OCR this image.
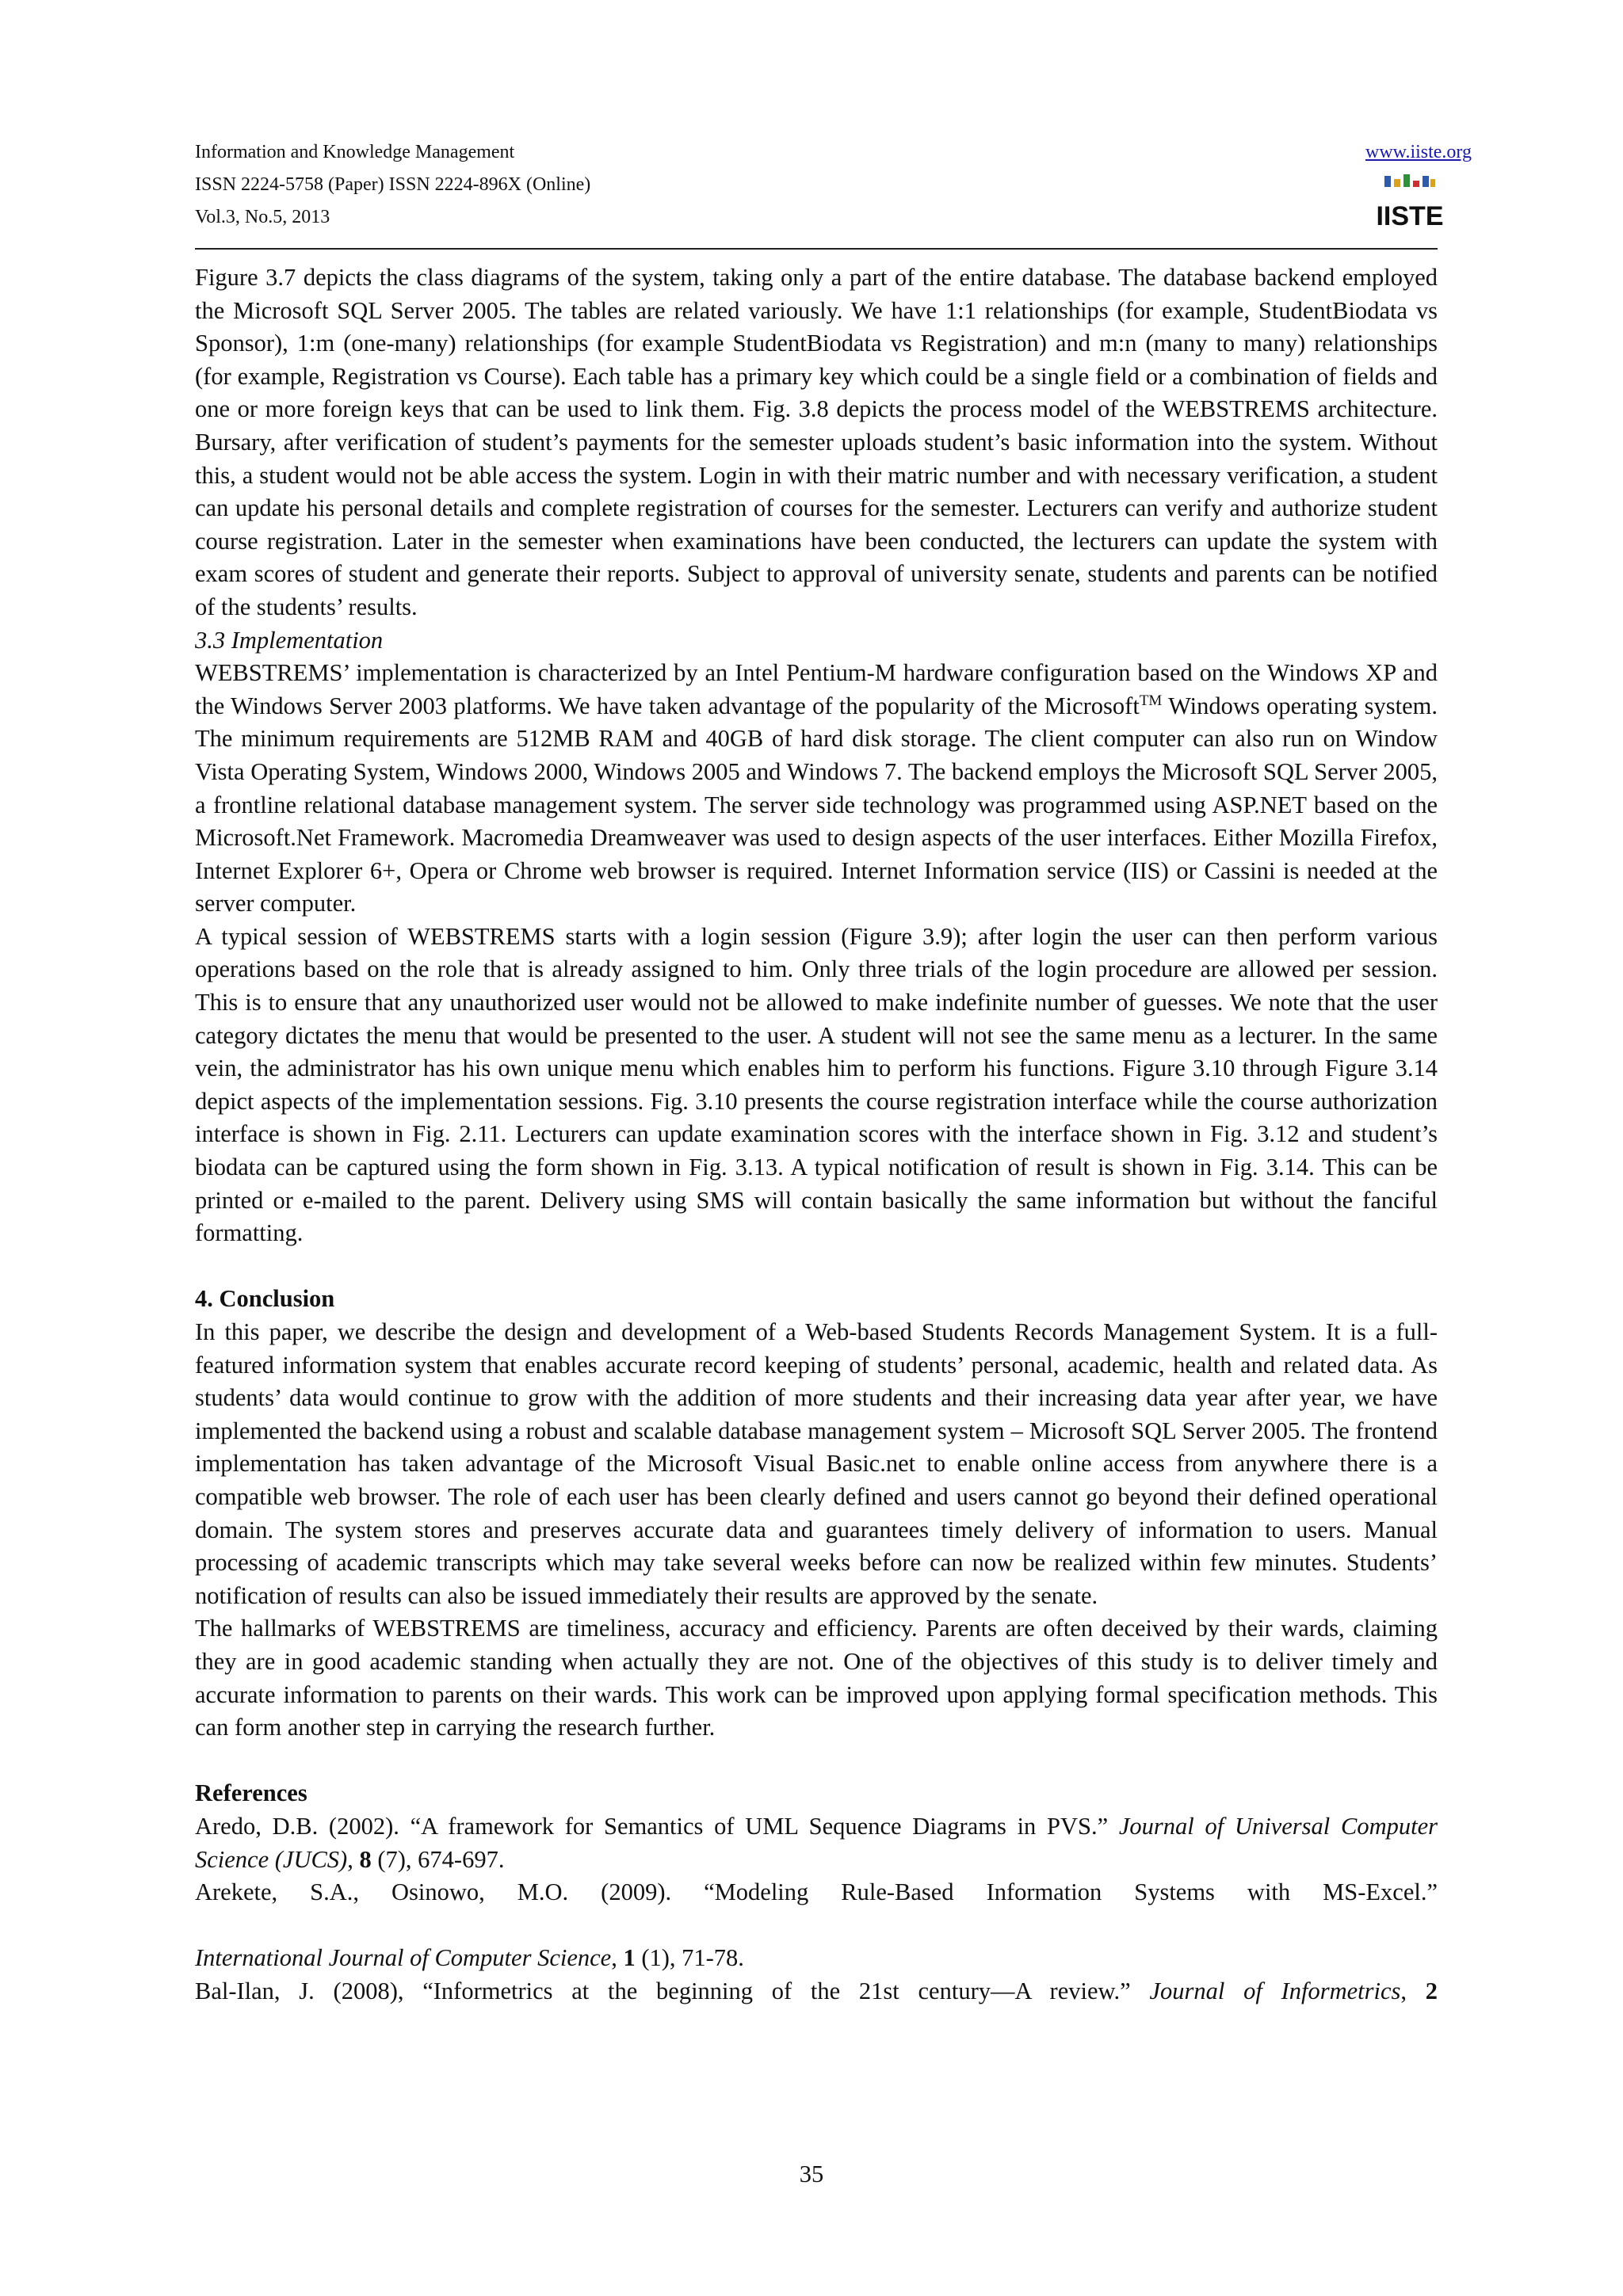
Information and Knowledge Management
ISSN 2224-5758 (Paper) ISSN 2224-896X (Online)
Vol.3, No.5, 2013
www.iiste.org
IISTE

Figure 3.7 depicts the class diagrams of the system, taking only a part of the entire database. The database backend employed the Microsoft SQL Server 2005. The tables are related variously. We have 1:1 relationships (for example, StudentBiodata vs Sponsor), 1:m (one-many) relationships (for example StudentBiodata vs Registration) and m:n (many to many) relationships (for example, Registration vs Course). Each table has a primary key which could be a single field or a combination of fields and one or more foreign keys that can be used to link them. Fig. 3.8 depicts the process model of the WEBSTREMS architecture. Bursary, after verification of student’s payments for the semester uploads student’s basic information into the system. Without this, a student would not be able access the system. Login in with their matric number and with necessary verification, a student can update his personal details and complete registration of courses for the semester. Lecturers can verify and authorize student course registration. Later in the semester when examinations have been conducted, the lecturers can update the system with exam scores of student and generate their reports. Subject to approval of university senate, students and parents can be notified of the students’ results.

3.3 Implementation

WEBSTREMS’ implementation is characterized by an Intel Pentium-M hardware configuration based on the Windows XP and the Windows Server 2003 platforms. We have taken advantage of the popularity of the Microsoft™ Windows operating system. The minimum requirements are 512MB RAM and 40GB of hard disk storage. The client computer can also run on Window Vista Operating System, Windows 2000, Windows 2005 and Windows 7. The backend employs the Microsoft SQL Server 2005, a frontline relational database management system. The server side technology was programmed using ASP.NET based on the Microsoft.Net Framework. Macromedia Dreamweaver was used to design aspects of the user interfaces. Either Mozilla Firefox, Internet Explorer 6+, Opera or Chrome web browser is required. Internet Information service (IIS) or Cassini is needed at the server computer.

A typical session of WEBSTREMS starts with a login session (Figure 3.9); after login the user can then perform various operations based on the role that is already assigned to him. Only three trials of the login procedure are allowed per session. This is to ensure that any unauthorized user would not be allowed to make indefinite number of guesses. We note that the user category dictates the menu that would be presented to the user. A student will not see the same menu as a lecturer. In the same vein, the administrator has his own unique menu which enables him to perform his functions. Figure 3.10 through Figure 3.14 depict aspects of the implementation sessions. Fig. 3.10 presents the course registration interface while the course authorization interface is shown in Fig. 2.11. Lecturers can update examination scores with the interface shown in Fig. 3.12 and student’s biodata can be captured using the form shown in Fig. 3.13. A typical notification of result is shown in Fig. 3.14. This can be printed or e-mailed to the parent. Delivery using SMS will contain basically the same information but without the fanciful formatting.

4. Conclusion

In this paper, we describe the design and development of a Web-based Students Records Management System. It is a full-featured information system that enables accurate record keeping of students’ personal, academic, health and related data. As students’ data would continue to grow with the addition of more students and their increasing data year after year, we have implemented the backend using a robust and scalable database management system – Microsoft SQL Server 2005. The frontend implementation has taken advantage of the Microsoft Visual Basic.net to enable online access from anywhere there is a compatible web browser. The role of each user has been clearly defined and users cannot go beyond their defined operational domain. The system stores and preserves accurate data and guarantees timely delivery of information to users. Manual processing of academic transcripts which may take several weeks before can now be realized within few minutes. Students’ notification of results can also be issued immediately their results are approved by the senate.

The hallmarks of WEBSTREMS are timeliness, accuracy and efficiency. Parents are often deceived by their wards, claiming they are in good academic standing when actually they are not. One of the objectives of this study is to deliver timely and accurate information to parents on their wards. This work can be improved upon applying formal specification methods. This can form another step in carrying the research further.

References

Aredo, D.B. (2002). “A framework for Semantics of UML Sequence Diagrams in PVS.” Journal of Universal Computer Science (JUCS), 8 (7), 674-697.

Arekete, S.A., Osinowo, M.O. (2009). “Modeling Rule-Based Information Systems with MS-Excel.”

International Journal of Computer Science, 1 (1), 71-78.

Bal-Ilan, J. (2008), “Informetrics at the beginning of the 21st century—A review.” Journal of Informetrics, 2

35
